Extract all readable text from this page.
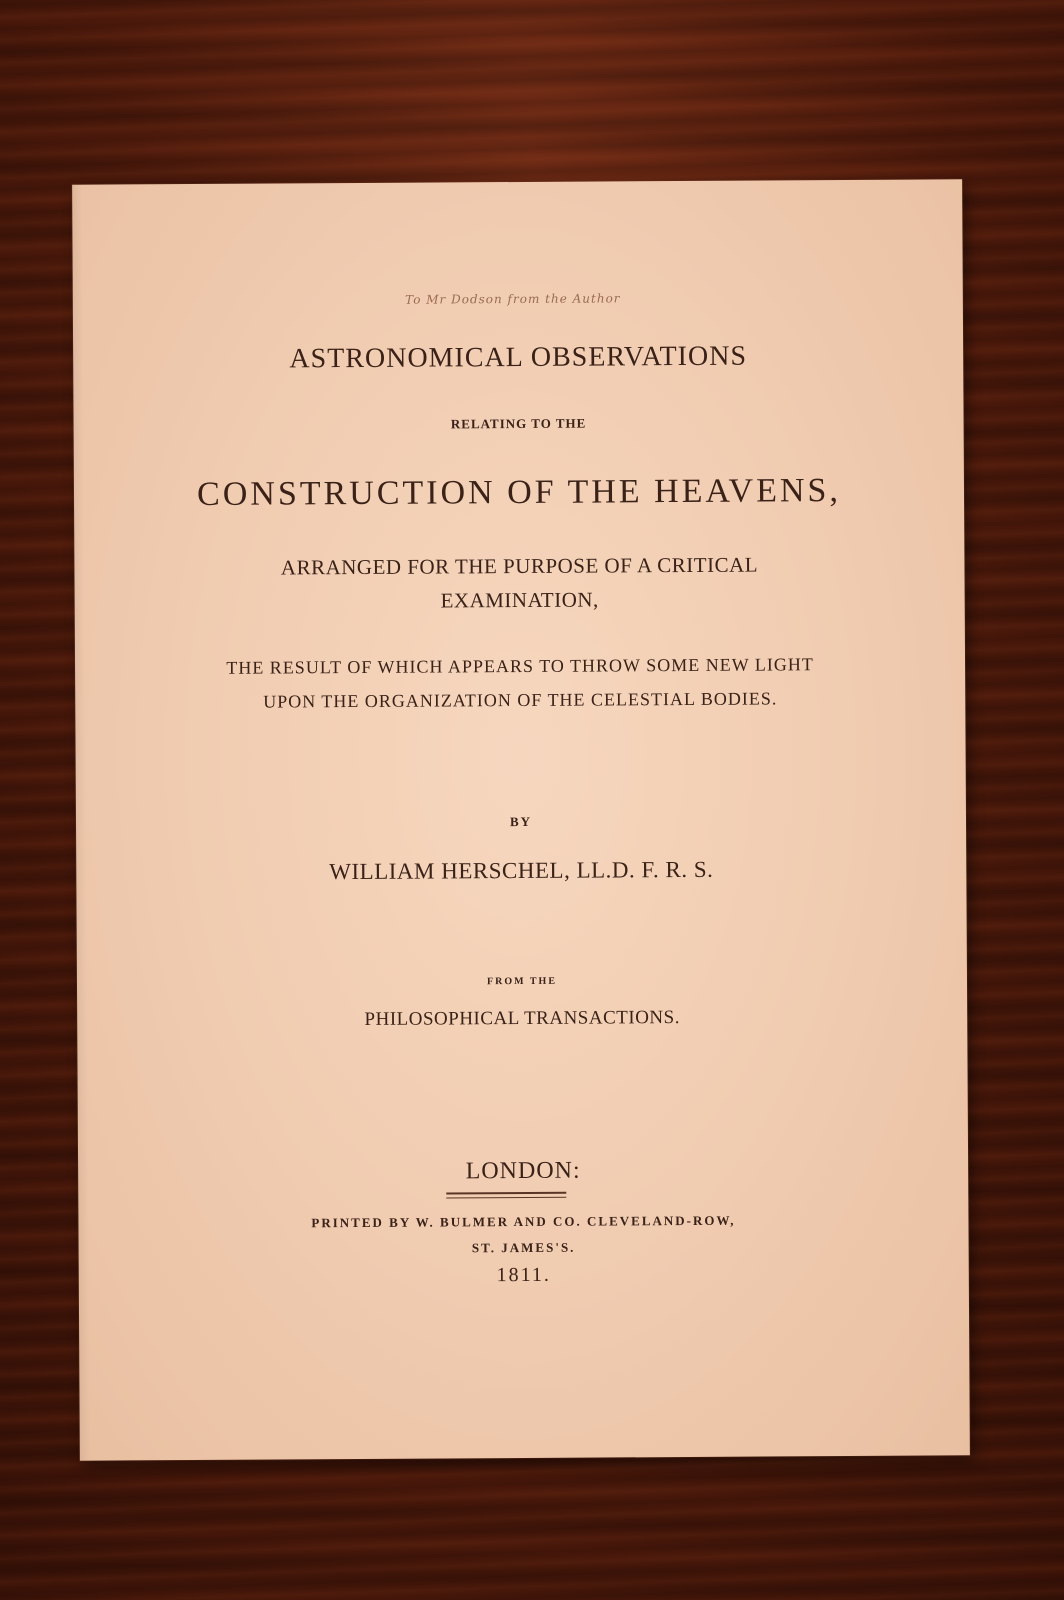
To Mr Dodson from the Author
ASTRONOMICAL OBSERVATIONS
RELATING TO THE
CONSTRUCTION OF THE HEAVENS,
ARRANGED FOR THE PURPOSE OF A CRITICAL
EXAMINATION,
THE RESULT OF WHICH APPEARS TO THROW SOME NEW LIGHT
UPON THE ORGANIZATION OF THE CELESTIAL BODIES.
BY
WILLIAM HERSCHEL, LL.D. F. R. S.
FROM THE
PHILOSOPHICAL TRANSACTIONS.
LONDON:
PRINTED BY W. BULMER AND CO. CLEVELAND-ROW,
ST. JAMES'S.
1811.
